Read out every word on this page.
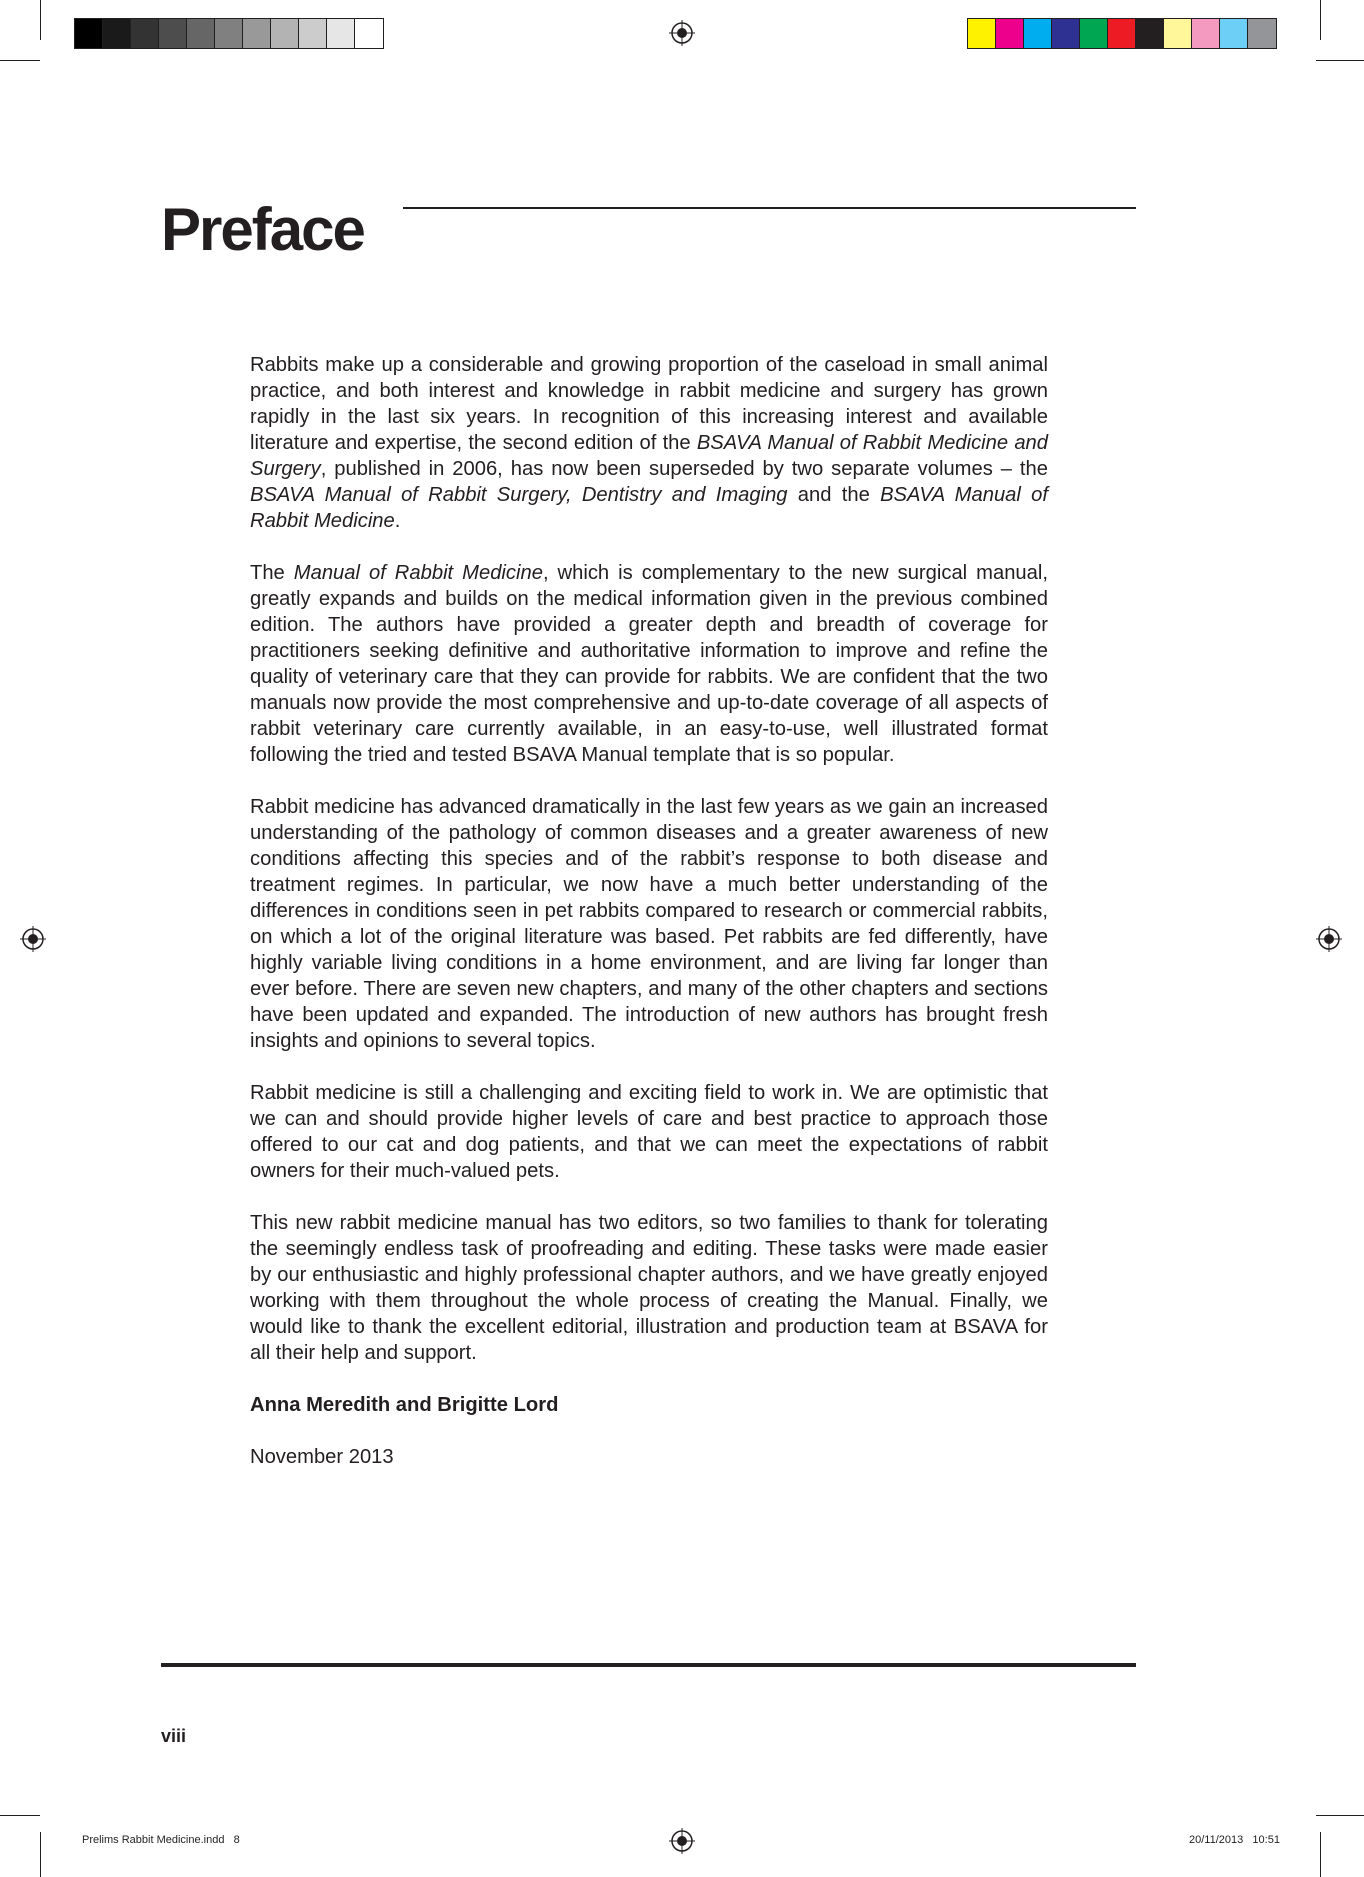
Preface

Rabbits make up a considerable and growing proportion of the caseload in small animal practice, and both interest and knowledge in rabbit medicine and surgery has grown rapidly in the last six years. In recognition of this increasing interest and available literature and expertise, the second edition of the BSAVA Manual of Rabbit Medicine and Surgery, published in 2006, has now been superseded by two separate volumes – the BSAVA Manual of Rabbit Surgery, Dentistry and Imaging and the BSAVA Manual of Rabbit Medicine.

The Manual of Rabbit Medicine, which is complementary to the new surgical manual, greatly expands and builds on the medical information given in the previous combined edition. The authors have provided a greater depth and breadth of coverage for practitioners seeking definitive and authoritative information to improve and refine the quality of veterinary care that they can provide for rabbits. We are confident that the two manuals now provide the most comprehensive and up-to-date coverage of all aspects of rabbit veterinary care currently available, in an easy-to-use, well illustrated format following the tried and tested BSAVA Manual template that is so popular.

Rabbit medicine has advanced dramatically in the last few years as we gain an increased understanding of the pathology of common diseases and a greater awareness of new conditions affecting this species and of the rabbit’s response to both disease and treatment regimes. In particular, we now have a much better understanding of the differences in conditions seen in pet rabbits compared to research or commercial rabbits, on which a lot of the original literature was based. Pet rabbits are fed differently, have highly variable living conditions in a home environment, and are living far longer than ever before. There are seven new chapters, and many of the other chapters and sections have been updated and expanded. The introduction of new authors has brought fresh insights and opinions to several topics.

Rabbit medicine is still a challenging and exciting field to work in. We are optimistic that we can and should provide higher levels of care and best practice to approach those offered to our cat and dog patients, and that we can meet the expectations of rabbit owners for their much-valued pets.

This new rabbit medicine manual has two editors, so two families to thank for tolerating the seemingly endless task of proofreading and editing. These tasks were made easier by our enthusiastic and highly professional chapter authors, and we have greatly enjoyed working with them throughout the whole process of creating the Manual. Finally, we would like to thank the excellent editorial, illustration and production team at BSAVA for all their help and support.

Anna Meredith and Brigitte Lord

November 2013

viii
Prelims Rabbit Medicine.indd   8	20/11/2013   10:51
